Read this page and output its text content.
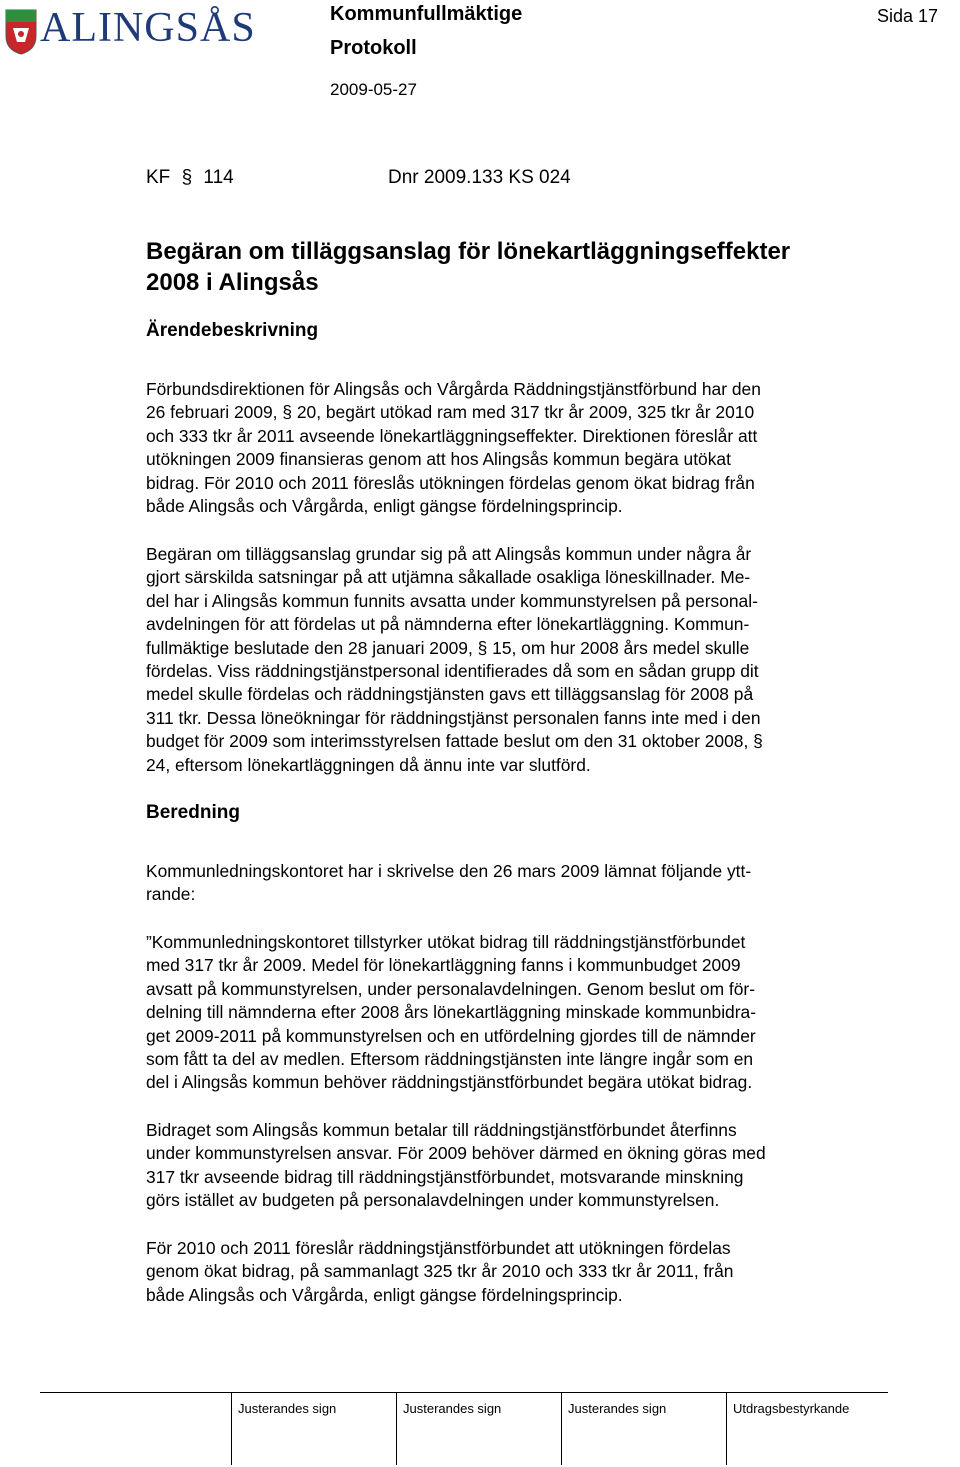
ALINGSÅS	Kommunfullmäktige
Protokoll
2009-05-27
Sida 17
KF § 114	Dnr 2009.133 KS 024
Begäran om tilläggsanslag för lönekartläggningseffekter
2008 i Alingsås
Ärendebeskrivning
Förbundsdirektionen för Alingsås och Vårgårda Räddningstjänstförbund har den
26 februari 2009, § 20, begärt utökad ram med 317 tkr år 2009, 325 tkr år 2010
och 333 tkr år 2011 avseende lönekartläggningseffekter. Direktionen föreslår att
utökningen 2009 finansieras genom att hos Alingsås kommun begära utökat
bidrag. För 2010 och 2011 föreslås utökningen fördelas genom ökat bidrag från
både Alingsås och Vårgårda, enligt gängse fördelningsprincip.
Begäran om tilläggsanslag grundar sig på att Alingsås kommun under några år
gjort särskilda satsningar på att utjämna såkallade osakliga löneskillnader. Me-
del har i Alingsås kommun funnits avsatta under kommunstyrelsen på personal-
avdelningen för att fördelas ut på nämnderna efter lönekartläggning. Kommun-
fullmäktige beslutade den 28 januari 2009, § 15, om hur 2008 års medel skulle
fördelas. Viss räddningstjänstpersonal identifierades då som en sådan grupp dit
medel skulle fördelas och räddningstjänsten gavs ett tilläggsanslag för 2008 på
311 tkr. Dessa löneökningar för räddningstjänst personalen fanns inte med i den
budget för 2009 som interimsstyrelsen fattade beslut om den 31 oktober 2008, §
24, eftersom lönekartläggningen då ännu inte var slutförd.
Beredning
Kommunledningskontoret har i skrivelse den 26 mars 2009 lämnat följande ytt-
rande:
”Kommunledningskontoret tillstyrker utökat bidrag till räddningstjänstförbundet
med 317 tkr år 2009. Medel för lönekartläggning fanns i kommunbudget 2009
avsatt på kommunstyrelsen, under personalavdelningen. Genom beslut om för-
delning till nämnderna efter 2008 års lönekartläggning minskade kommunbidra-
get 2009-2011 på kommunstyrelsen och en utfördelning gjordes till de nämnder
som fått ta del av medlen. Eftersom räddningstjänsten inte längre ingår som en
del i Alingsås kommun behöver räddningstjänstförbundet begära utökat bidrag.
Bidraget som Alingsås kommun betalar till räddningstjänstförbundet återfinns
under kommunstyrelsen ansvar. För 2009 behöver därmed en ökning göras med
317 tkr avseende bidrag till räddningstjänstförbundet, motsvarande minskning
görs istället av budgeten på personalavdelningen under kommunstyrelsen.
För 2010 och 2011 föreslår räddningstjänstförbundet att utökningen fördelas
genom ökat bidrag, på sammanlagt 325 tkr år 2010 och 333 tkr år 2011, från
både Alingsås och Vårgårda, enligt gängse fördelningsprincip.
Justerandes sign	Justerandes sign	Justerandes sign	Utdragsbestyrkande
